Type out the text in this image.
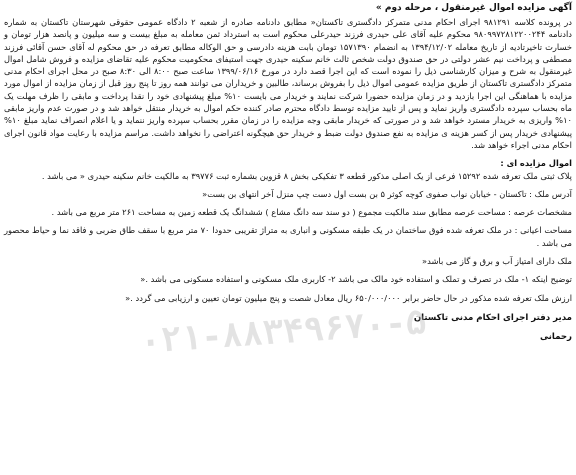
آگهی مزایده اموال غیرمنقول ، مرحله دوم »

در پرونده کلاسه ۹۸۱۲۹۱ اجرای احکام مدنی متمرکز دادگستری تاکستان« مطابق دادنامه صادره از شعبه ۲ دادگاه عمومی حقوقی شهرستان تاکستان به شماره دادنامه ۹۸۰۹۹۷۲۸۱۲۲۰۰۲۴۴ محکوم علیه آقای علی حیدری فرزند حیدرعلی محکوم است به استرداد ثمن معامله به مبلغ بیست و سه میلیون و پانصد هزار تومان و خسارت تاخیرتادیه از تاریخ معامله ۱۳۹۴/۱۲/۰۲ به انضمام ۱۵۷۱۳۹۰ تومان بابت هزینه دادرسی و حق الوکاله مطابق تعرفه در حق محکوم له آقای حسن آقائی فرزند مصطفی و پرداخت نیم عشر دولتی در حق صندوق دولت شخص ثالث خانم سکینه حیدری جهت استیفای محکومیت محکوم علیه تقاضای مزایده و فروش شامل اموال غیرمنقول به شرح و میزان کارشناسی ذیل را نموده است که این اجرا قصد دارد در مورخ ۱۳۹۹/۰۶/۱۶ ساعت صبح ۸:۰۰ الی ۸:۳۰ صبح در محل اجرای احکام مدنی متمرکز دادگستری تاکستان از طریق مزایده عمومی اموال ذیل را بفروش برساند، طالبین و خریداران می توانند همه روز تا پنج روز قبل از زمان مزایده از اموال مورد مزایده با هماهنگی این اجرا بازدید و در زمان مزایده حضورا شرکت نمایند و خریدار می بایست ۱۰% مبلغ پیشنهادی خود را نقدا پرداخت و مابقی را ظرف مهلت یک ماه بحساب سپرده دادگستری واریز نماید و پس از تایید مزایده توسط دادگاه محترم صادر کننده حکم اموال به خریدار منتقل خواهد شد و در صورت عدم واریز مابقی ۱۰% واریزی به خریدار مسترد خواهد شد و در صورتی که خریدار مابقی وجه مزایده را در زمان مقرر بحساب سپرده واریز ننماید و یا اعلام انصراف نماید مبلغ ۱۰% پیشنهادی خریدار پس از کسر هزینه ی مزایده به نفع صندوق دولت ضبط و خریدار حق هیچگونه اعتراضی را نخواهد داشت. مراسم مزایده با رعایت مواد قانون اجرای احکام مدنی اجراء خواهد شد.

اموال مزایده ای :

پلاک ثبتی ملک تعرفه شده ۱۵۲۹۲ فرعی از یک اصلی مذکور قطعه ۳ تفکیکی بخش ۸ قزوین بشماره ثبت ۳۹۷۷۶ به مالکیت خانم سکینه حیدری « می باشد .

آدرس ملک : تاکستان - خیابان نواب صفوی کوچه کوثر ۵ بن بست اول دست چپ منزل آخر انتهای بن بست«

مشخصات عرصه : مساحت عرصه مطابق سند مالکیت مجموع ( دو سند سه دانگ مشاع ) ششدانگ یک قطعه زمین به مساحت ۲۶۱ متر مربع می باشد .

مساحت اعیانی : در ملک تعرفه شده فوق ساختمان در یک طبقه مسکونی و انباری به متراژ تقریبی حدودا ۷۰ متر مربع با سقف طاق ضربی و فاقد نما و حیاط محصور می باشد .

ملک دارای امتیاز آب و برق و گاز می باشد«

توضیح اینکه ۱- ملک در تصرف و تملک و استفاده خود مالک می باشد ۲- کاربری ملک مسکونی و استفاده مسکونی می باشد .«

ارزش ملک تعرفه شده مذکور در حال حاضر برابر ۶۵۰/۰۰۰/۰۰۰ ریال معادل شصت و پنج میلیون تومان تعیین و ارزیابی می گردد .«

مدیر دفتر اجرای احکام مدنی تاکستان

رحمانی

۰۲۱-۸۸۳۴۹۶۷۰-۵
